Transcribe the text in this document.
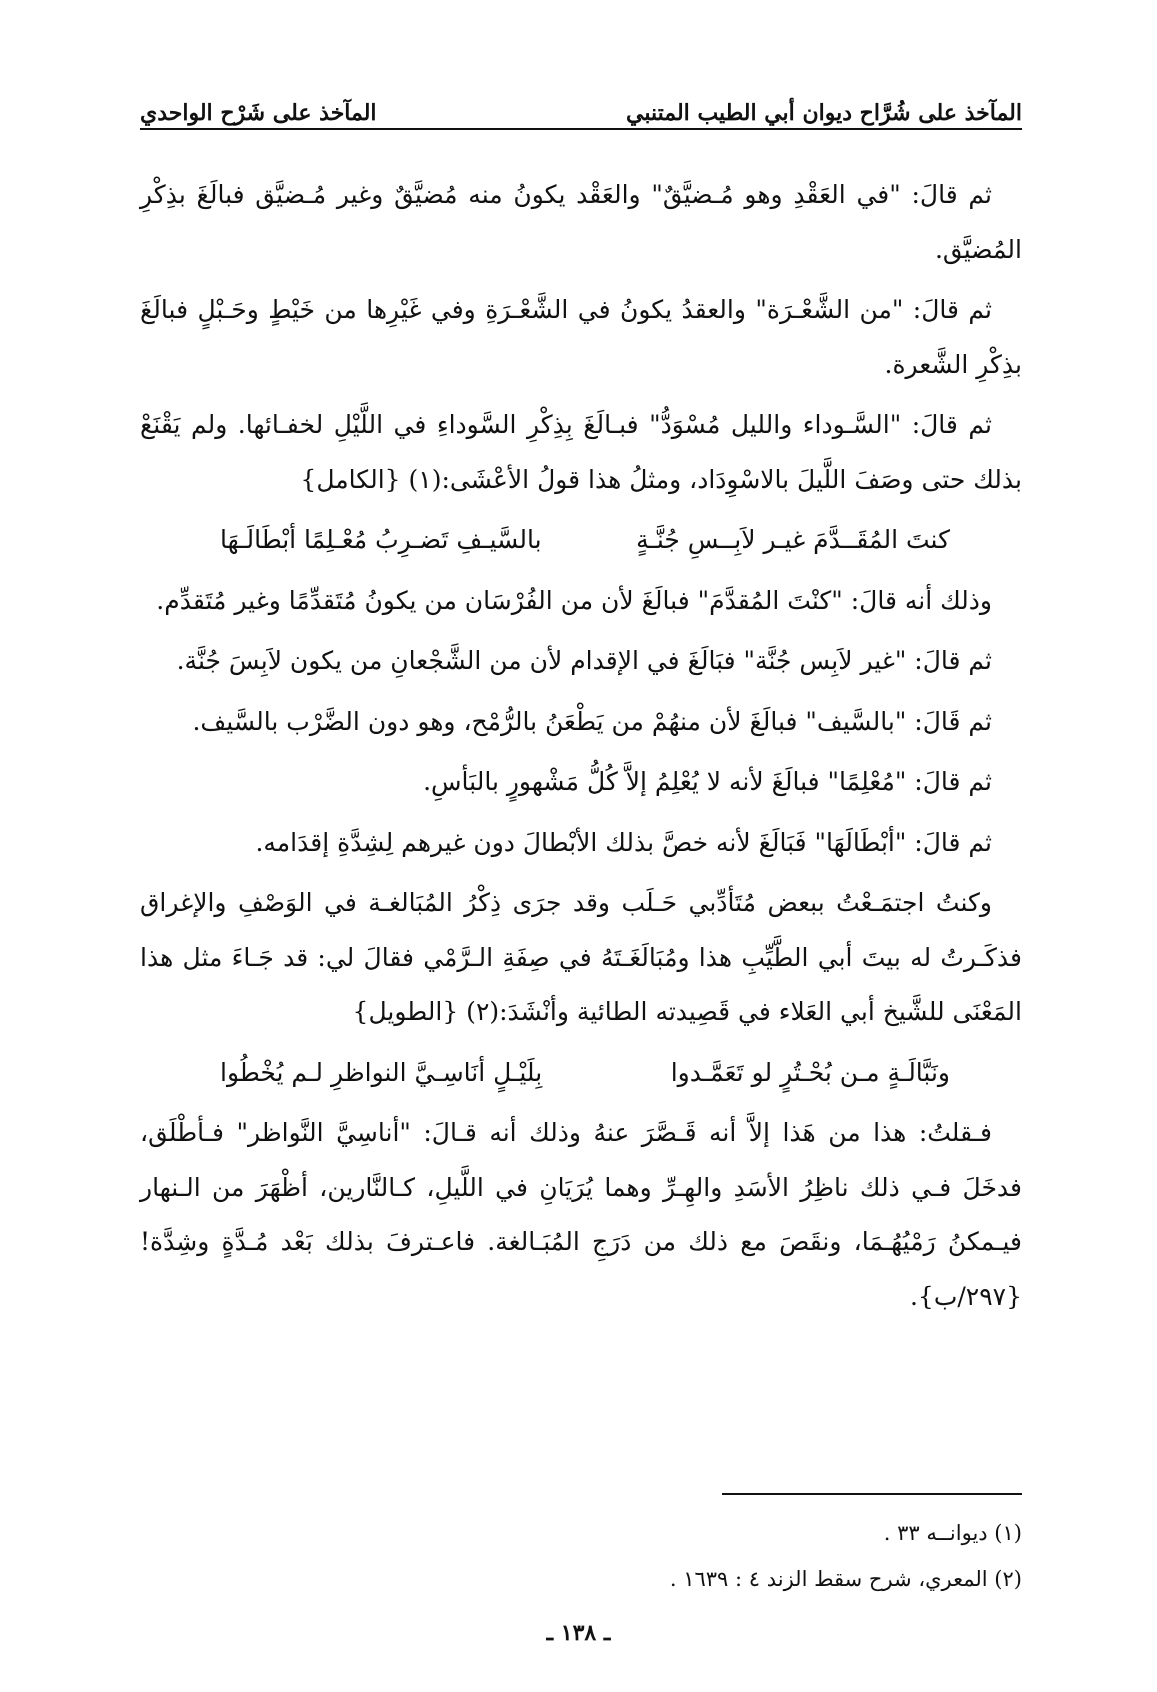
المآخذ على شُرَّاح ديوان أبي الطيب المتنبي
المآخذ على شَرْح الواحدي

ثم قالَ: "في العَقْدِ وهو مُـضيَّقٌ" والعَقْد يكونُ منه مُضيَّقٌ وغير مُـضيَّق فبالَغَ بذِكْرِ المُضيَّق.

ثم قالَ: "من الشَّعْـرَة" والعقدُ يكونُ في الشَّعْـرَةِ وفي غَيْرِها من خَيْطٍ وحَـبْلٍ فبالَغَ بذِكْرِ الشَّعرة.

ثم قالَ: "السَّـوداء والليل مُسْوَدُّ" فبـالَغَ بِذِكْرِ السَّوداءِ في اللَّيْلِ لخفـائها. ولم يَقْنَعْ بذلك حتى وصَفَ اللَّيلَ بالاسْوِدَاد، ومثلُ هذا قولُ الأعْشَى:(١) {الكامل}

كنتَ المُقَــدَّمَ غيـر لاَبِــسِ جُنَّـةٍ
بالسَّيـفِ تَضـرِبُ مُعْـلِمًا أبْطَالَـهَا

وذلك أنه قالَ: "كنْتَ المُقدَّمَ" فبالَغَ لأن من الفُرْسَان من يكونُ مُتَقدِّمًا وغير مُتَقدِّم.

ثم قالَ: "غير لاَبِس جُنَّة" فبَالَغَ في الإقدام لأن من الشَّجْعانِ من يكون لاَبِسَ جُنَّة.

ثم قَالَ: "بالسَّيف" فبالَغَ لأن منهُمْ من يَطْعَنُ بالرُّمْح، وهو دون الضَّرْب بالسَّيف.

ثم قالَ: "مُعْلِمًا" فبالَغَ لأنه لا يُعْلِمُ إلاَّ كُلُّ مَشْهورٍ بالبَأسِ.

ثم قالَ: "أبْطَالَهَا" فَبَالَغَ لأنه خصَّ بذلك الأبْطالَ دون غيرهم لِشِدَّةِ إقدَامه.

وكنتُ اجتمَـعْتُ ببعض مُتَأدِّبي حَـلَب وقد جرَى ذِكْرُ المُبَالغـة في الوَصْفِ والإغراق فذكَـرتُ له بيتَ أبي الطَّيِّبِ هذا ومُبَالَغَـتَهُ في صِفَةِ الـرَّمْي فقالَ لي: قد جَـاءَ مثل هذا المَعْنَى للشَّيخ أبي العَلاء في قَصِيدته الطائية وأنْشَدَ:(٢) {الطويل}

ونَبَّالَـةٍ مـن بُحْـتُرٍ لو تَعَمَّـدوا
بِلَيْـلٍ أنَاسِـيَّ النواظرِ لـم يُخْطُوا

فـقلتُ: هذا من هَذا إلاَّ أنه قَـصَّرَ عنهُ وذلك أنه قـالَ: "أناسِيَّ النَّواظر" فـأطْلَق، فدخَلَ فـي ذلك ناظِرُ الأسَدِ والهِـرِّ وهما يُرَيَانِ في اللَّيلِ، كـالنَّارين، أظْهَرَ من الـنهار فيـمكنُ رَمْيُهُـمَا، ونقَصَ مع ذلك من دَرَجِ المُبَـالغة. فاعـترفَ بذلك بَعْد مُـدَّةٍ وشِدَّة! {٢٩٧/ب}.

(١) ديوانــه ٣٣ .

(٢) المعري، شرح سقط الزند ٤ : ١٦٣٩ .

ـ ١٣٨ ـ
